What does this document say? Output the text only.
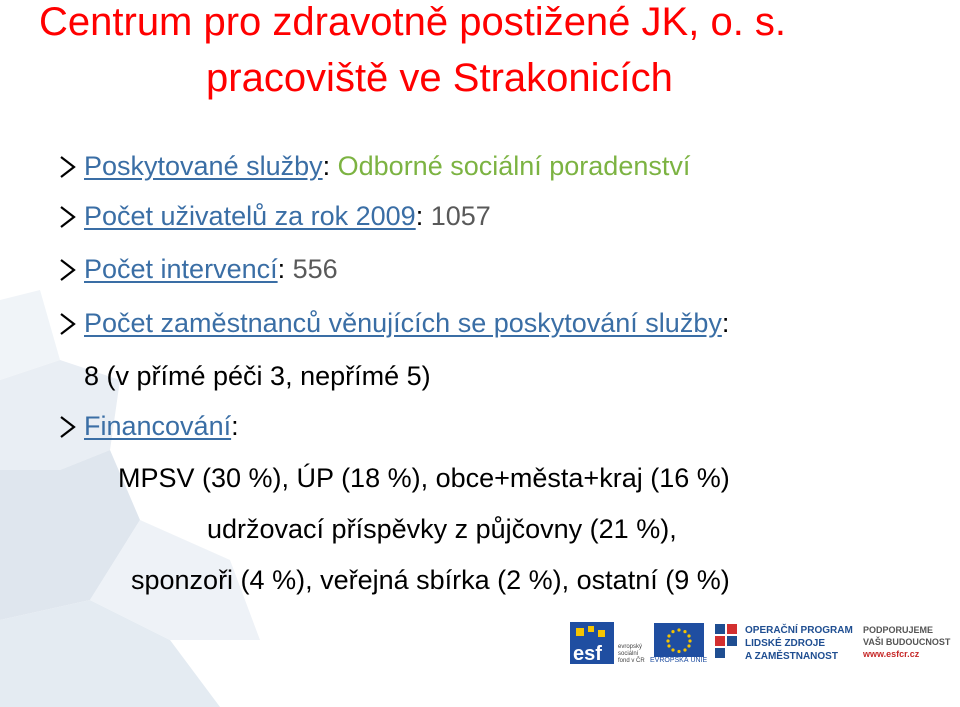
Centrum pro zdravotně postižené JK, o. s.
pracoviště ve Strakonicích
Poskytované služby: Odborné sociální poradenství
Počet uživatelů za rok 2009: 1057
Počet intervencí: 556
Počet zaměstnanců věnujících se poskytování služby:
8 (v přímé péči 3, nepřímé 5)
Financování:
MPSV (30 %), ÚP (18 %), obce+města+kraj (16 %)
udržovací příspěvky z půjčovny (21 %),
sponzoři (4 %), veřejná sbírka (2 %), ostatní (9 %)
esf	evropský
sociální
fond v ČR EVROPSKÁ UNIE
OPERAČNÍ PROGRAM
LIDSKÉ ZDROJE
A ZAMĚSTNANOST
PODPORUJEME
VAŠI BUDOUCNOST
www.esfcr.cz
